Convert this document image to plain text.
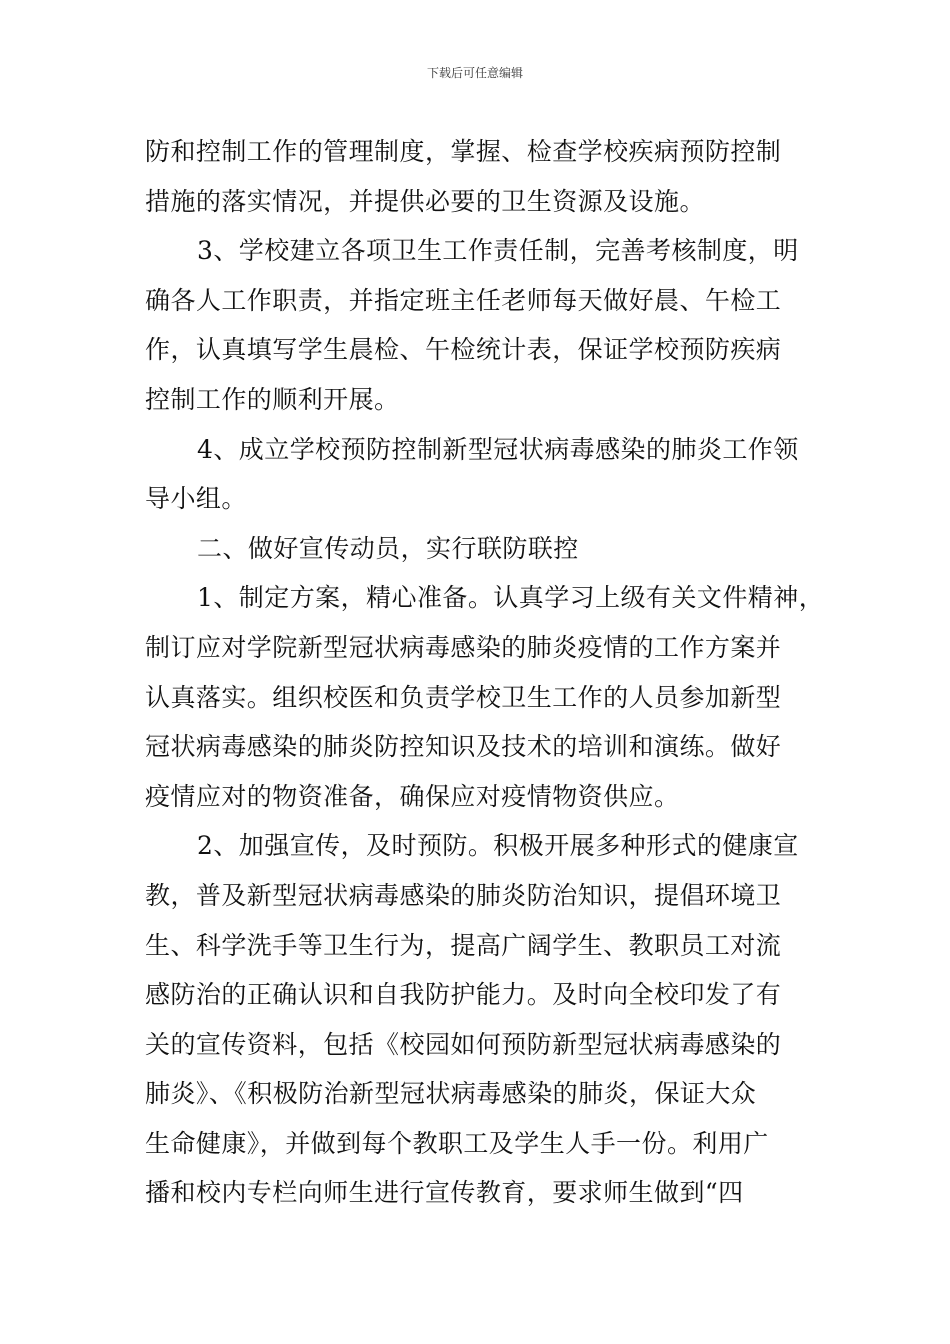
下载后可任意编辑
防和控制工作的管理制度，掌握、检查学校疾病预防控制
措施的落实情况，并提供必要的卫生资源及设施。
3、学校建立各项卫生工作责任制，完善考核制度，明
确各人工作职责，并指定班主任老师每天做好晨、午检工
作，认真填写学生晨检、午检统计表，保证学校预防疾病
控制工作的顺利开展。
4、成立学校预防控制新型冠状病毒感染的肺炎工作领
导小组。
二、做好宣传动员，实行联防联控
1、制定方案，精心准备。认真学习上级有关文件精神，
制订应对学院新型冠状病毒感染的肺炎疫情的工作方案并
认真落实。组织校医和负责学校卫生工作的人员参加新型
冠状病毒感染的肺炎防控知识及技术的培训和演练。做好
疫情应对的物资准备，确保应对疫情物资供应。
2、加强宣传，及时预防。积极开展多种形式的健康宣
教，普及新型冠状病毒感染的肺炎防治知识，提倡环境卫
生、科学洗手等卫生行为，提高广阔学生、教职员工对流
感防治的正确认识和自我防护能力。及时向全校印发了有
关的宣传资料，包括《校园如何预防新型冠状病毒感染的
肺炎》、《积极防治新型冠状病毒感染的肺炎，保证大众
生命健康》，并做到每个教职工及学生人手一份。利用广
播和校内专栏向师生进行宣传教育，要求师生做到“四
